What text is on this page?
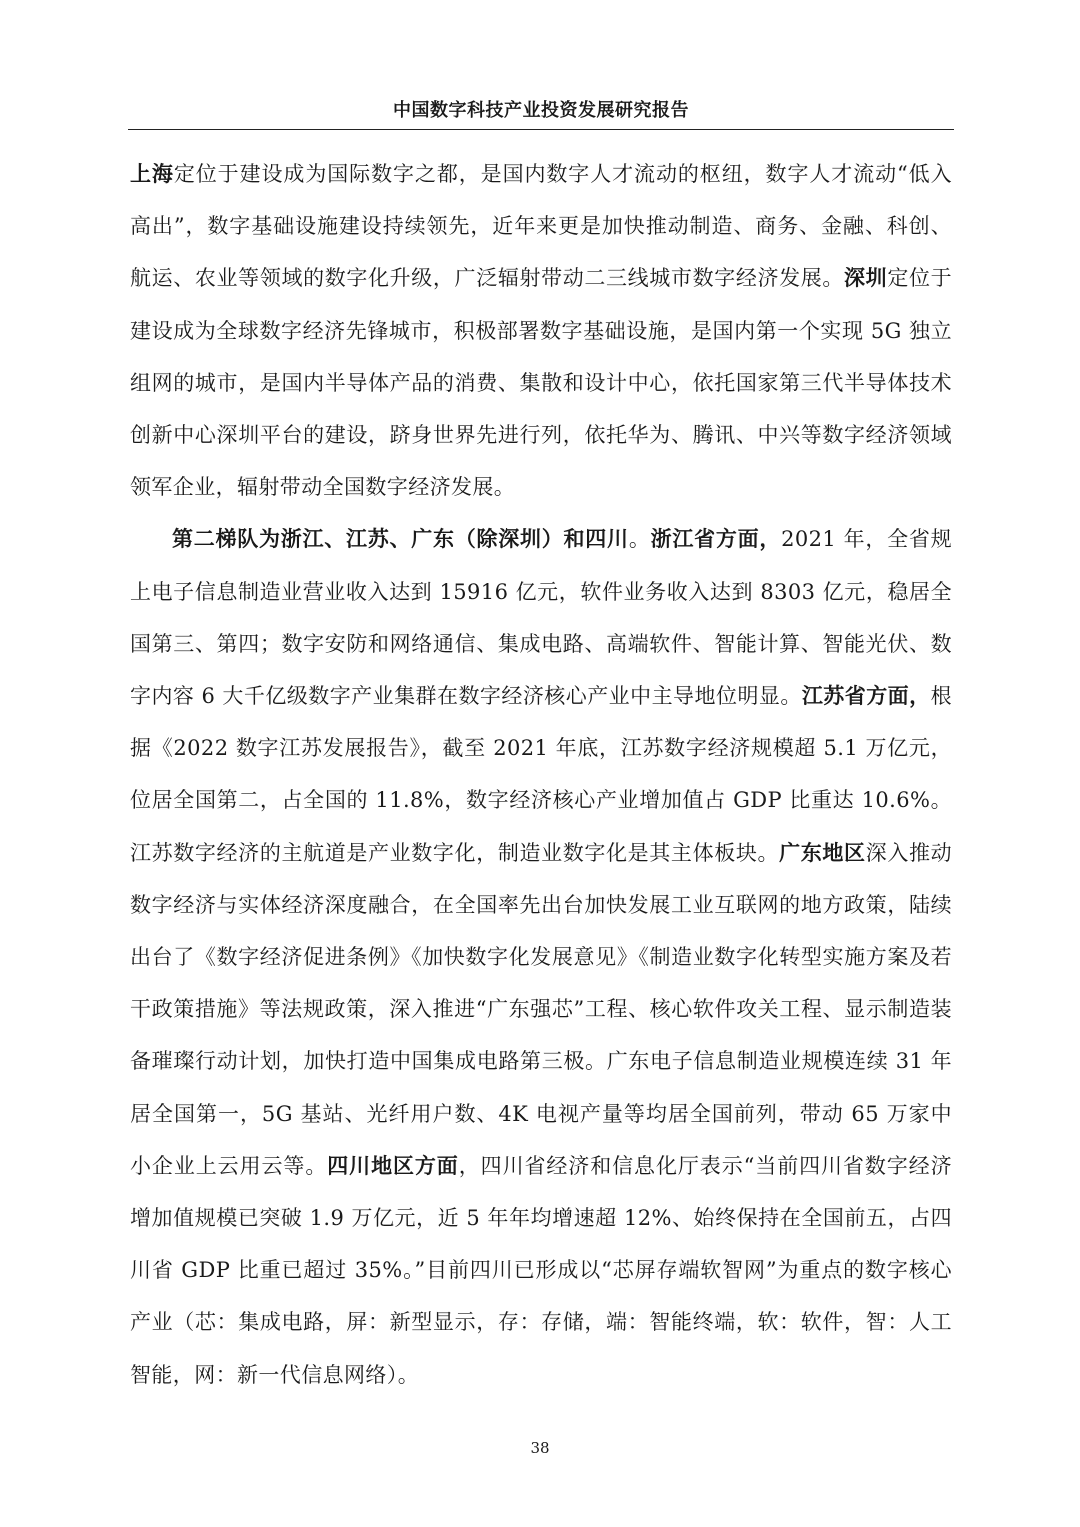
中国数字科技产业投资发展研究报告

上海定位于建设成为国际数字之都，是国内数字人才流动的枢纽，数字人才流动“低入高出”，数字基础设施建设持续领先，近年来更是加快推动制造、商务、金融、科创、航运、农业等领域的数字化升级，广泛辐射带动二三线城市数字经济发展。深圳定位于建设成为全球数字经济先锋城市，积极部署数字基础设施，是国内第一个实现 5G 独立组网的城市，是国内半导体产品的消费、集散和设计中心，依托国家第三代半导体技术创新中心深圳平台的建设，跻身世界先进行列，依托华为、腾讯、中兴等数字经济领域领军企业，辐射带动全国数字经济发展。

第二梯队为浙江、江苏、广东（除深圳）和四川。浙江省方面，2021 年，全省规上电子信息制造业营业收入达到 15916 亿元，软件业务收入达到 8303 亿元，稳居全国第三、第四；数字安防和网络通信、集成电路、高端软件、智能计算、智能光伏、数字内容 6 大千亿级数字产业集群在数字经济核心产业中主导地位明显。江苏省方面，根据《2022 数字江苏发展报告》，截至 2021 年底，江苏数字经济规模超 5.1 万亿元，位居全国第二，占全国的 11.8%，数字经济核心产业增加值占 GDP 比重达 10.6%。江苏数字经济的主航道是产业数字化，制造业数字化是其主体板块。广东地区深入推动数字经济与实体经济深度融合，在全国率先出台加快发展工业互联网的地方政策，陆续出台了《数字经济促进条例》《加快数字化发展意见》《制造业数字化转型实施方案及若干政策措施》等法规政策，深入推进“广东强芯”工程、核心软件攻关工程、显示制造装备璀璨行动计划，加快打造中国集成电路第三极。广东电子信息制造业规模连续 31 年居全国第一，5G 基站、光纤用户数、4K 电视产量等均居全国前列，带动 65 万家中小企业上云用云等。四川地区方面，四川省经济和信息化厅表示“当前四川省数字经济增加值规模已突破 1.9 万亿元，近 5 年年均增速超 12%、始终保持在全国前五，占四川省 GDP 比重已超过 35%。”目前四川已形成以“芯屏存端软智网”为重点的数字核心产业（芯：集成电路，屏：新型显示，存：存储，端：智能终端，软：软件，智：人工智能，网：新一代信息网络）。

38
